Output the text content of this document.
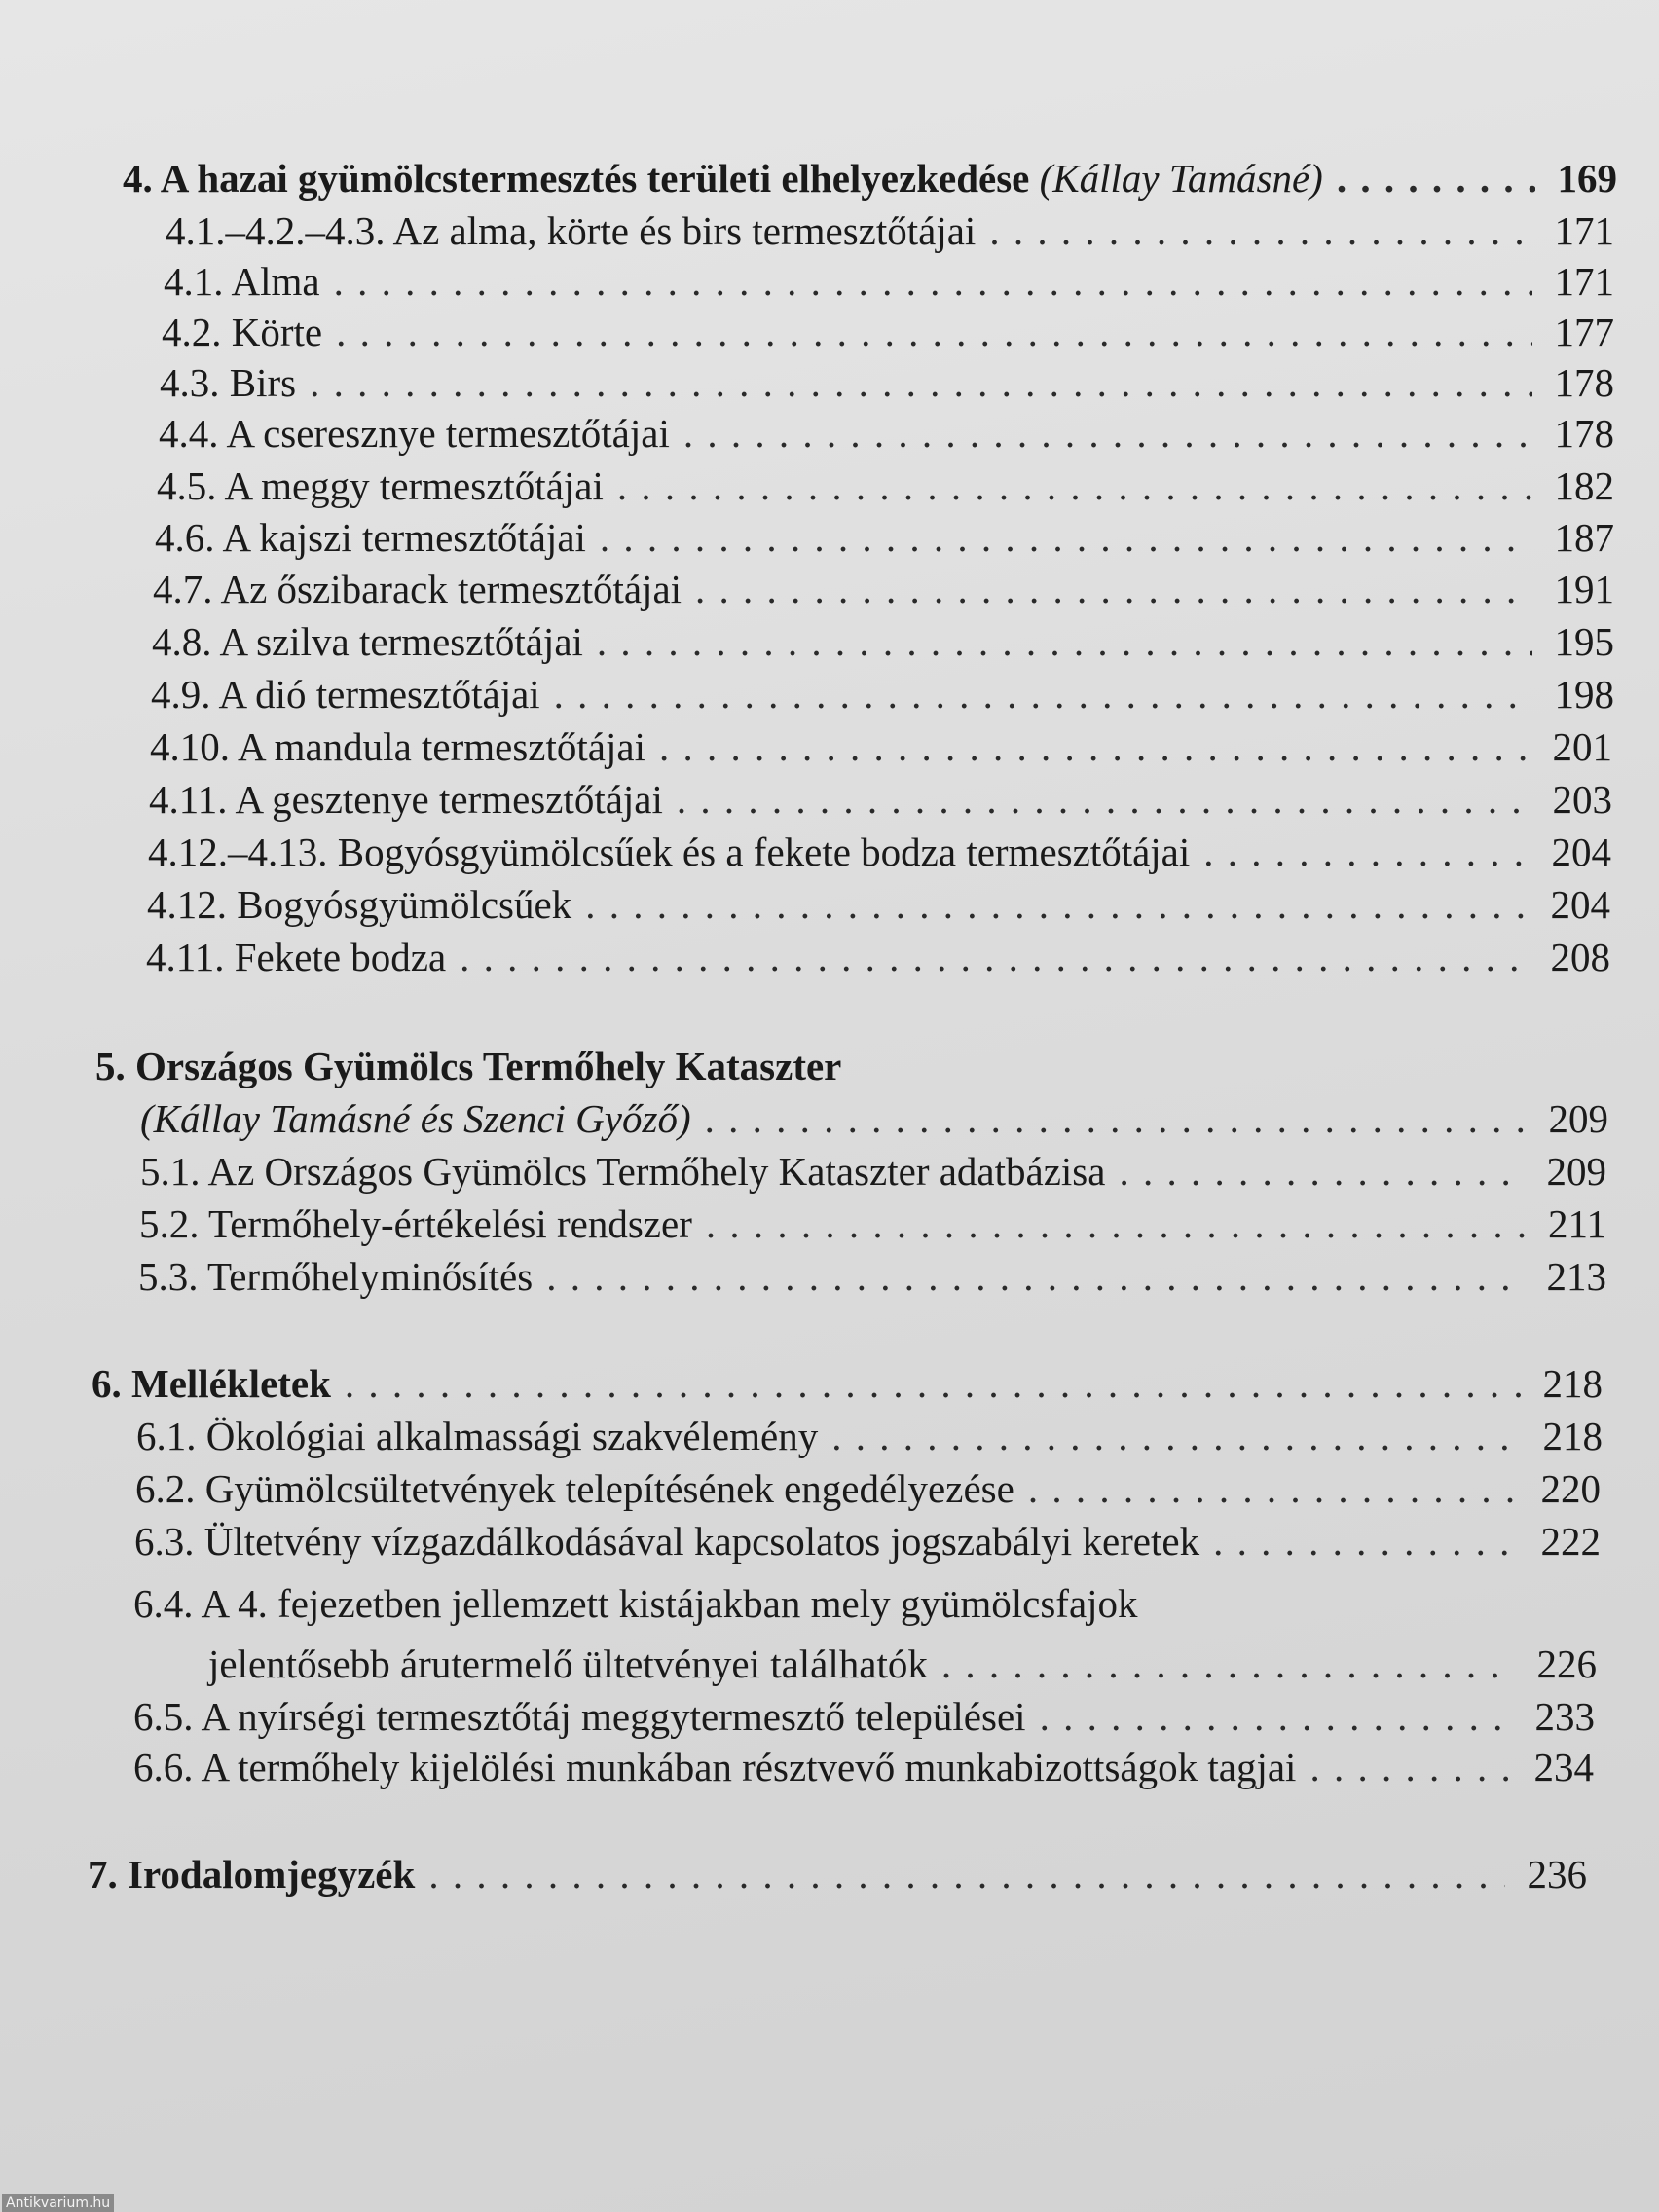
4. A hazai gyümölcstermesztés területi elhelyezkedése (Kállay Tamásné) . . .	169
4.1.–4.2.–4.3. Az alma, körte és birs termesztőtájai . . .	171
4.1. Alma . . .	171
4.2. Körte . . .	177
4.3. Birs . . .	178
4.4. A cseresznye termesztőtájai . . .	178
4.5. A meggy termesztőtájai . . .	182
4.6. A kajszi termesztőtájai . . .	187
4.7. Az őszibarack termesztőtájai . . .	191
4.8. A szilva termesztőtájai . . .	195
4.9. A dió termesztőtájai . . .	198
4.10. A mandula termesztőtájai . . .	201
4.11. A gesztenye termesztőtájai . . .	203
4.12.–4.13. Bogyósgyümölcsűek és a fekete bodza termesztőtájai . . .	204
4.12. Bogyósgyümölcsűek . . .	204
4.11. Fekete bodza . . .	208
5. Országos Gyümölcs Termőhely Kataszter
(Kállay Tamásné és Szenci Győző) . . .	209
5.1. Az Országos Gyümölcs Termőhely Kataszter adatbázisa . . .	209
5.2. Termőhely-értékelési rendszer . . .	211
5.3. Termőhelyminősítés . . .	213
6. Mellékletek . . .	218
6.1. Ökológiai alkalmassági szakvélemény . . .	218
6.2. Gyümölcsültetvények telepítésének engedélyezése . . .	220
6.3. Ültetvény vízgazdálkodásával kapcsolatos jogszabályi keretek . . .	222
6.4. A 4. fejezetben jellemzett kistájakban mely gyümölcsfajok
jelentősebb árutermelő ültetvényei találhatók . . .	226
6.5. A nyírségi termesztőtáj meggytermesztő települései . . .	233
6.6. A termőhely kijelölési munkában résztvevő munkabizottságok tagjai . . .	234
7. Irodalomjegyzék . . .	236
Antikvarium.hu
